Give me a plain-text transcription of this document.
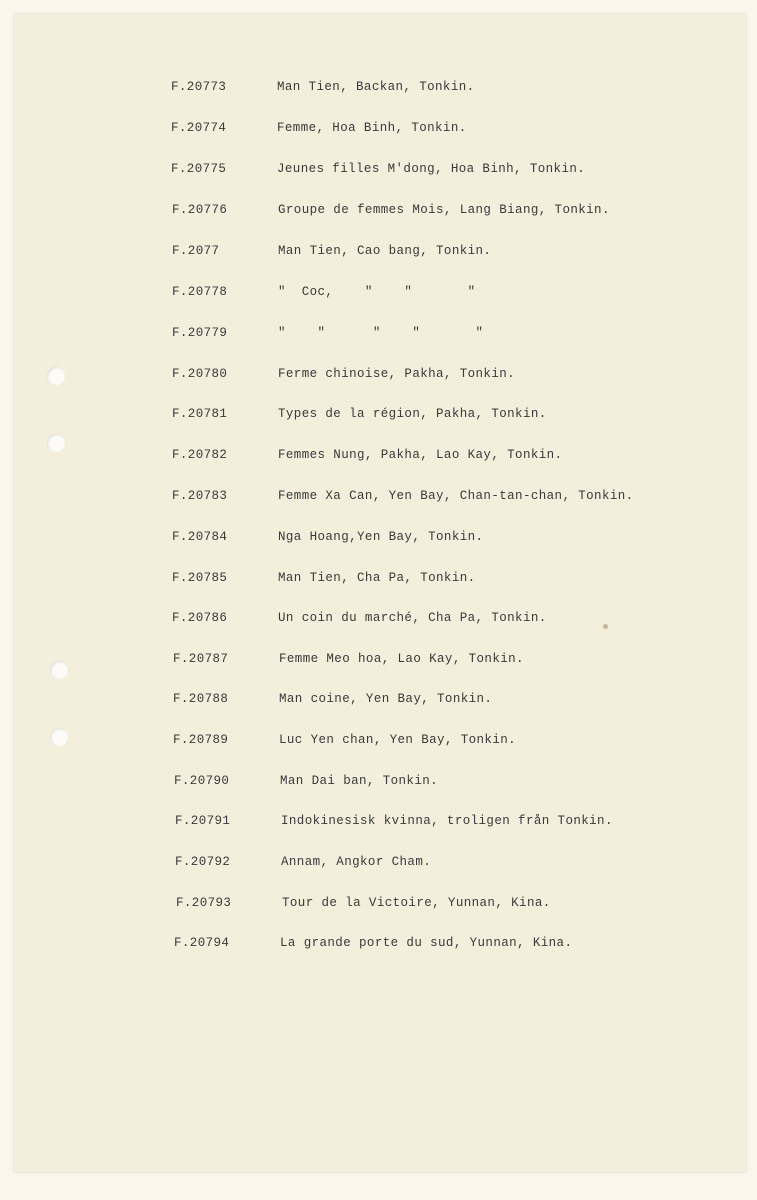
F.20773	Man Tien, Backan, Tonkin.
F.20774	Femme, Hoa Binh, Tonkin.
F.20775	Jeunes filles M'dong, Hoa Binh, Tonkin.
F.20776	Groupe de femmes Mois, Lang Biang, Tonkin.
F.2077	Man Tien, Cao bang, Tonkin.
F.20778	"  Coc,    "    "       "
F.20779	"    "      "    "       "
F.20780	Ferme chinoise, Pakha, Tonkin.
F.20781	Types de la région, Pakha, Tonkin.
F.20782	Femmes Nung, Pakha, Lao Kay, Tonkin.
F.20783	Femme Xa Can, Yen Bay, Chan-tan-chan, Tonkin.
F.20784	Nga Hoang,Yen Bay, Tonkin.
F.20785	Man Tien, Cha Pa, Tonkin.
F.20786	Un coin du marché, Cha Pa, Tonkin.
F.20787	Femme Meo hoa, Lao Kay, Tonkin.
F.20788	Man coine, Yen Bay, Tonkin.
F.20789	Luc Yen chan, Yen Bay, Tonkin.
F.20790	Man Dai ban, Tonkin.
F.20791	Indokinesisk kvinna, troligen från Tonkin.
F.20792	Annam, Angkor Cham.
F.20793	Tour de la Victoire, Yunnan, Kina.
F.20794	La grande porte du sud, Yunnan, Kina.
